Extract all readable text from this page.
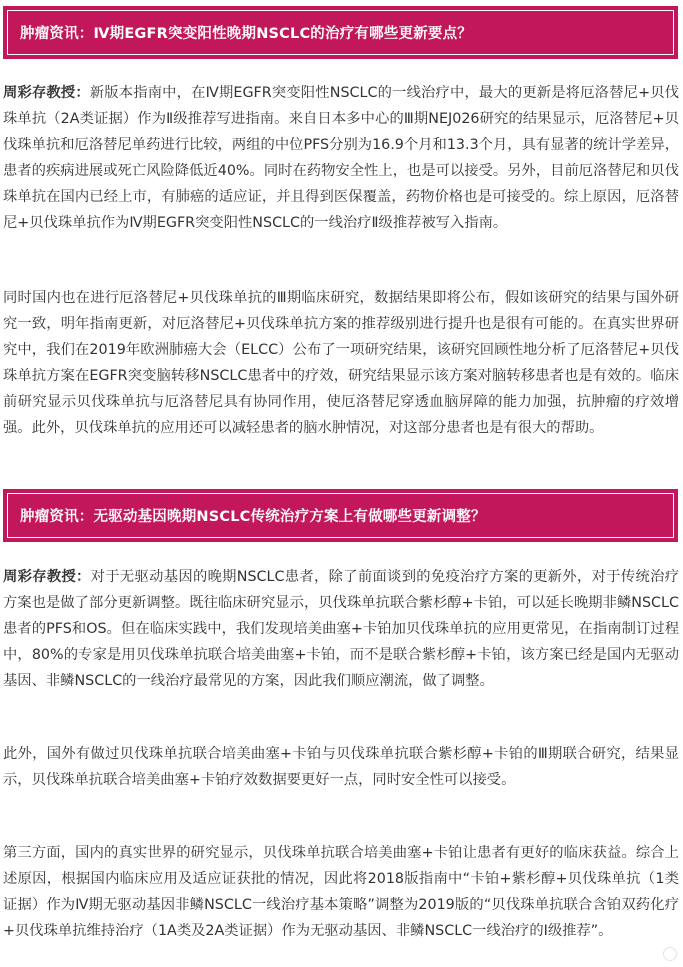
肿瘤资讯：Ⅳ期EGFR突变阳性晚期NSCLC的治疗有哪些更新要点？

周彩存教授：新版本指南中，在Ⅳ期EGFR突变阳性NSCLC的一线治疗中，最大的更新是将厄洛替尼+贝伐珠单抗（2A类证据）作为Ⅱ级推荐写进指南。来自日本多中心的Ⅲ期NEJ026研究的结果显示，厄洛替尼+贝伐珠单抗和厄洛替尼单药进行比较，两组的中位PFS分别为16.9个月和13.3个月，具有显著的统计学差异，患者的疾病进展或死亡风险降低近40%。同时在药物安全性上，也是可以接受。另外，目前厄洛替尼和贝伐珠单抗在国内已经上市，有肺癌的适应证，并且得到医保覆盖，药物价格也是可接受的。综上原因，厄洛替尼+贝伐珠单抗作为Ⅳ期EGFR突变阳性NSCLC的一线治疗Ⅱ级推荐被写入指南。

同时国内也在进行厄洛替尼+贝伐珠单抗的Ⅲ期临床研究，数据结果即将公布，假如该研究的结果与国外研究一致，明年指南更新，对厄洛替尼+贝伐珠单抗方案的推荐级别进行提升也是很有可能的。在真实世界研究中，我们在2019年欧洲肺癌大会（ELCC）公布了一项研究结果，该研究回顾性地分析了厄洛替尼+贝伐珠单抗方案在EGFR突变脑转移NSCLC患者中的疗效，研究结果显示该方案对脑转移患者也是有效的。临床前研究显示贝伐珠单抗与厄洛替尼具有协同作用，使厄洛替尼穿透血脑屏障的能力加强，抗肿瘤的疗效增强。此外，贝伐珠单抗的应用还可以减轻患者的脑水肿情况，对这部分患者也是有很大的帮助。

肿瘤资讯：无驱动基因晚期NSCLC传统治疗方案上有做哪些更新调整？

周彩存教授：对于无驱动基因的晚期NSCLC患者，除了前面谈到的免疫治疗方案的更新外，对于传统治疗方案也是做了部分更新调整。既往临床研究显示，贝伐珠单抗联合紫杉醇+卡铂，可以延长晚期非鳞NSCLC患者的PFS和OS。但在临床实践中，我们发现培美曲塞+卡铂加贝伐珠单抗的应用更常见，在指南制订过程中，80%的专家是用贝伐珠单抗联合培美曲塞+卡铂，而不是联合紫杉醇+卡铂，该方案已经是国内无驱动基因、非鳞NSCLC的一线治疗最常见的方案，因此我们顺应潮流，做了调整。

此外，国外有做过贝伐珠单抗联合培美曲塞+卡铂与贝伐珠单抗联合紫杉醇+卡铂的Ⅲ期联合研究，结果显示，贝伐珠单抗联合培美曲塞+卡铂疗效数据要更好一点，同时安全性可以接受。

第三方面，国内的真实世界的研究显示，贝伐珠单抗联合培美曲塞+卡铂让患者有更好的临床获益。综合上述原因，根据国内临床应用及适应证获批的情况，因此将2018版指南中“卡铂+紫杉醇+贝伐珠单抗（1类证据）作为Ⅳ期无驱动基因非鳞NSCLC一线治疗基本策略”调整为2019版的“贝伐珠单抗联合含铂双药化疗+贝伐珠单抗维持治疗（1A类及2A类证据）作为无驱动基因、非鳞NSCLC一线治疗的Ⅰ级推荐”。
